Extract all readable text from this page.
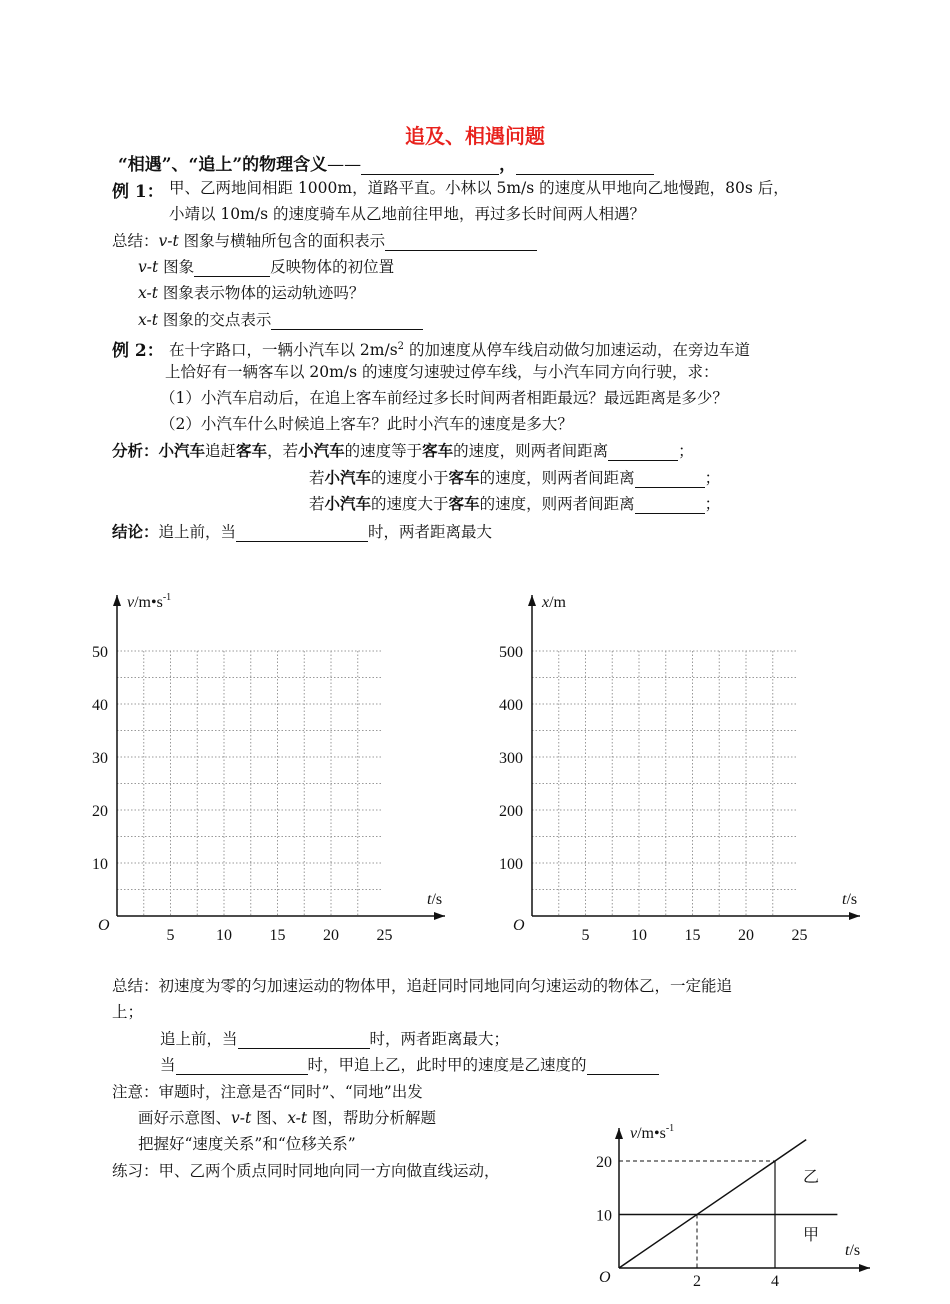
追及、相遇问题
“相遇”、“追上”的物理含义——	，
例 1： 甲、乙两地间相距 1000m，道路平直。小林以 5m/s 的速度从甲地向乙地慢跑，80s 后，
小靖以 10m/s 的速度骑车从乙地前往甲地，再过多长时间两人相遇？
总结：v-t 图象与横轴所包含的面积表示
v-t 图象	反映物体的初位置
x-t 图象表示物体的运动轨迹吗？
x-t 图象的交点表示
例 2： 在十字路口，一辆小汽车以 $2m/s^2$ 的加速度从停车线启动做匀加速运动，在旁边车道
上恰好有一辆客车以 20m/s 的速度匀速驶过停车线，与小汽车同方向行驶，求：
（1）小汽车启动后，在追上客车前经过多长时间两者相距最远？最远距离是多少？
（2）小汽车什么时候追上客车？此时小汽车的速度是多大？
分析：小汽车追赶客车，若小汽车的速度等于客车的速度，则两者间距离	；
若小汽车的速度小于客车的速度，则两者间距离	；
若小汽车的速度大于客车的速度，则两者间距离	；
结论：追上前，当	时，两者距离最大
5	10 15 20 25
10
20
30
40
50
O
t/s
$v/m•s^{-1}$
5	10 15 20 25
100
200
300
400
500
O
t/s
x/m
总结：初速度为零的匀加速运动的物体甲，追赶同时同地同向匀速运动的物体乙，一定能追
上；
追上前，当	时，两者距离最大；
当	时，甲追上乙，此时甲的速度是乙速度的
注意：审题时，注意是否“同时”、“同地”出发
画好示意图、v-t 图、x-t 图，帮助分析解题
把握好“速度关系”和“位移关系”
练习：甲、乙两个质点同时同地向同一方向做直线运动，	乙
甲
2	4
10
20
O
t/s
$v/m•s^{-1}$
